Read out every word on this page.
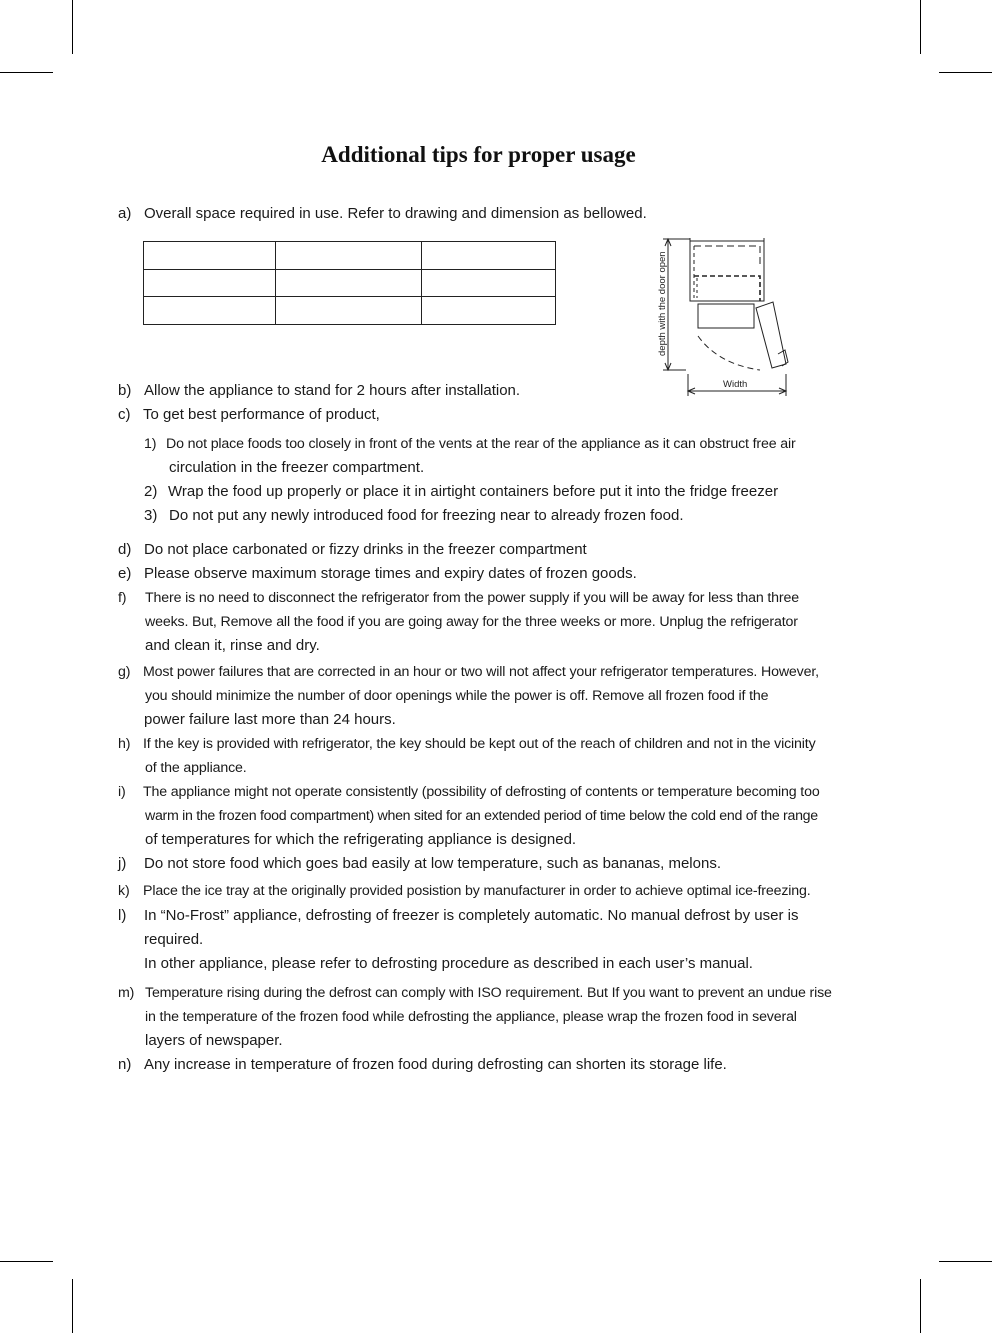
Additional tips for proper usage
a) Overall space required in use. Refer to drawing and dimension as bellowed.

depth with the door open
Width
b) Allow the appliance to stand for 2 hours after installation.
c) To get best performance of product,
1) Do not place foods too closely in front of the vents at the rear of the appliance as it can obstruct free air
circulation in the freezer compartment.
2) Wrap the food up properly or place it in airtight containers before put it into the fridge freezer
3) Do not put any newly introduced food for freezing near to already frozen food.
d) Do not place carbonated or fizzy drinks in the freezer compartment
e) Please observe maximum storage times and expiry dates of frozen goods.
f) There is no need to disconnect the refrigerator from the power supply if you will be away for less than three
weeks. But, Remove all the food if you are going away for the three weeks or more. Unplug the refrigerator
and clean it, rinse and dry.
g) Most power failures that are corrected in an hour or two will not affect your refrigerator temperatures. However,
you should minimize the number of door openings while the power is off. Remove all frozen food if the
power failure last more than 24 hours.
h) If the key is provided with refrigerator, the key should be kept out of the reach of children and not in the vicinity
of the appliance.
i) The appliance might not operate consistently (possibility of defrosting of contents or temperature becoming too
warm in the frozen food compartment) when sited for an extended period of time below the cold end of the range
of temperatures for which the refrigerating appliance is designed.
j) Do not store food which goes bad easily at low temperature, such as bananas, melons.
k) Place the ice tray at the originally provided posistion by manufacturer in order to achieve optimal ice-freezing.
l) In “No-Frost” appliance, defrosting of freezer is completely automatic. No manual defrost by user is
required.
In other appliance, please refer to defrosting procedure as described in each user’s manual.
m) Temperature rising during the defrost can comply with ISO requirement. But If you want to prevent an undue rise
in the temperature of the frozen food while defrosting the appliance, please wrap the frozen food in several
layers of newspaper.
n) Any increase in temperature of frozen food during defrosting can shorten its storage life.
